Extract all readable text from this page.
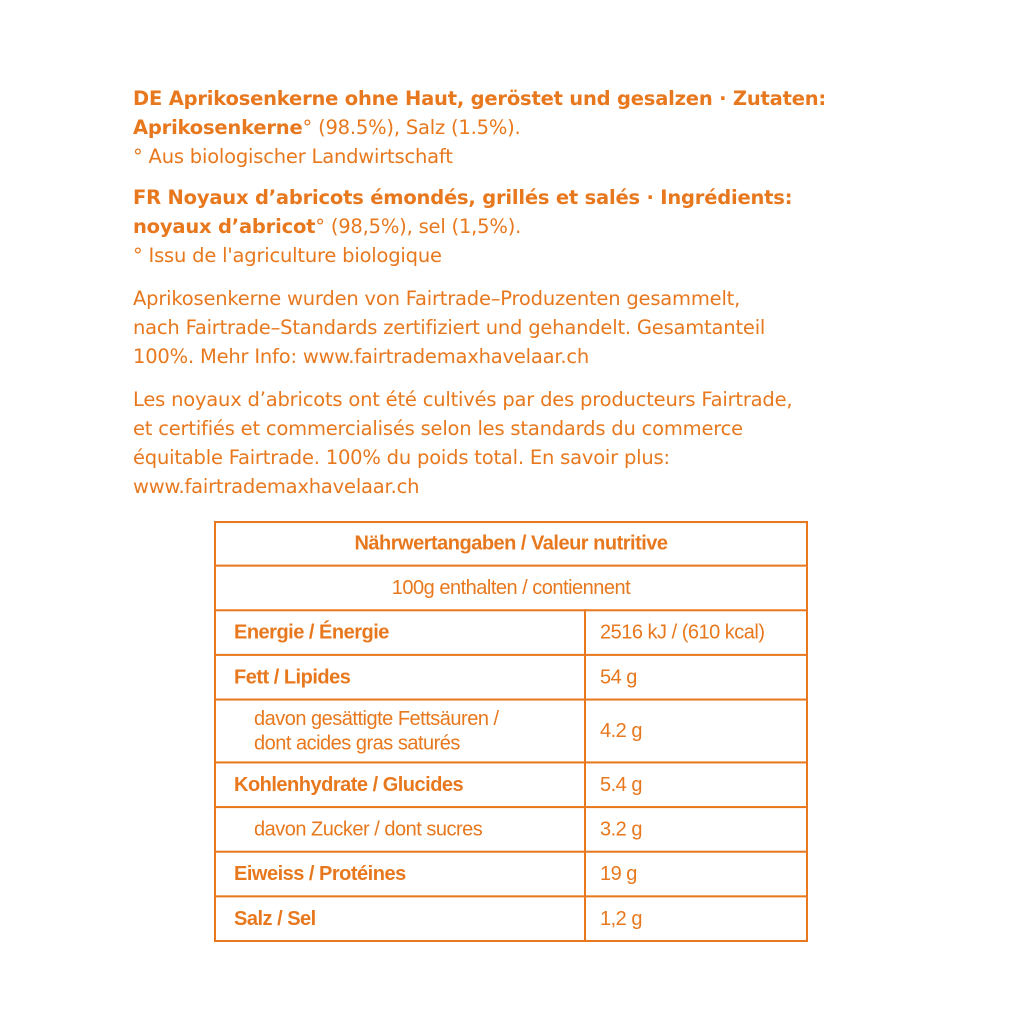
DE Aprikosenkerne ohne Haut, geröstet und gesalzen · Zutaten:

Aprikosenkerne° (98.5%), Salz (1.5%).

° Aus biologischer Landwirtschaft

FR Noyaux d’abricots émondés, grillés et salés · Ingrédients:

noyaux d’abricot° (98,5%), sel (1,5%).

° Issu de l'agriculture biologique

Aprikosenkerne wurden von Fairtrade–Produzenten gesammelt,

nach Fairtrade–Standards zertifiziert und gehandelt. Gesamtanteil

100%. Mehr Info: www.fairtrademaxhavelaar.ch

Les noyaux d’abricots ont été cultivés par des producteurs Fairtrade,

et certifiés et commercialisés selon les standards du commerce

équitable Fairtrade. 100% du poids total. En savoir plus:

www.fairtrademaxhavelaar.ch

Nährwertangaben / Valeur nutritive	
100g enthalten / contiennent	
Energie / Énergie	2516 kJ / (610 kcal)
Fett / Lipides	54 g

davon gesättigte Fettsäuren /
dont acides gras saturés	4.2 g
Kohlenhydrate / Glucides	5.4 g
davon Zucker / dont sucres	3.2 g
Eiweiss / Protéines	19 g
Salz / Sel	1,2 g
